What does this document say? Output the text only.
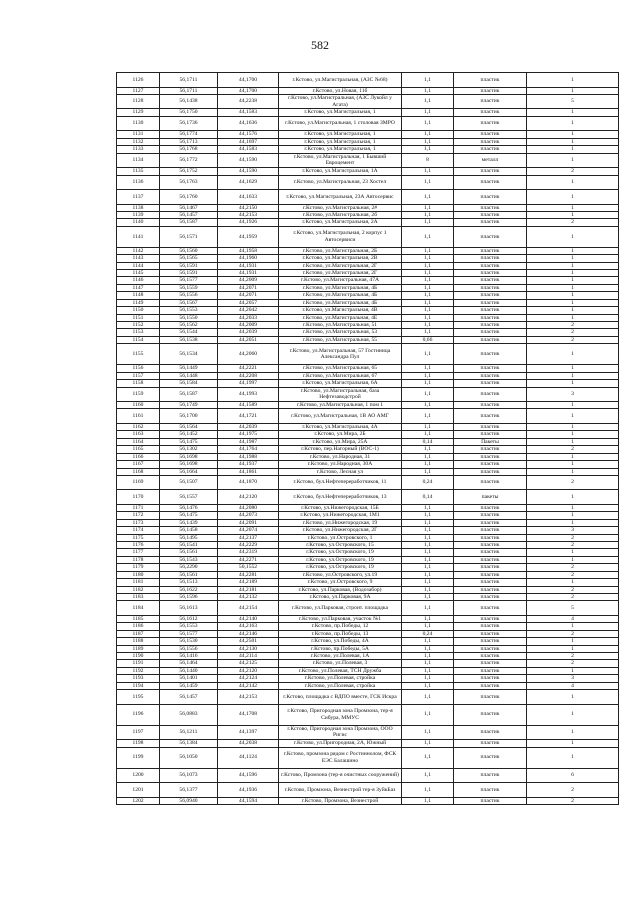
582
1126	56,1711	44,1700	г.Кстово, ул.Магистральная, (АЗС №68)	1,1	пластик	1
1127	56,1711	44,1700	г.Кстово, ул.Новая, 11б	1,1	пластик	1
1128	56,1438	44,2238	г.Кстово, ул.Магистральная, (АЗС Лукойл у Агата)	1,1	пластик	5
1129	56,1750	44,1583	г.Кстово, ул.Магистральная, 1	1,1	пластик	1
1130	56,1736	44,1636	г.Кстово, ул.Магистральная, 1 столовая ЗМРО	1,1	пластик	1
1131	56,1774	44,1576	г.Кстово, ул.Магистральная, 1	1,1	пластик	1
1132	56,1713	44,1697	г.Кстово, ул.Магистральная, 1	1,1	пластик	1
1133	56,1768	44,1583	г.Кстово, ул.Магистральная, 1	1,1	пластик	1
1134	56,1772	44,1590	г.Кстово, ул.Магистральная, 1 Бывший Евроцемент	8	металл	1
1135	56,1752	44,1590	г.Кстово, ул.Магистральная, 1А	1,1	пластик	2
1136	56,1763	44,1629	г.Кстово, ул.Магистральная, 23 Хостел	1,1	пластик	1
1137	56,1760	44,1633	г.Кстово, ул.Магистральная, 23А Автосервис	1,1	пластик	1
1138	56,1467	44,2150	г.Кстово, ул.Магистральная, 2#	1,1	пластик	1
1139	56,1457	44,2153	г.Кстово, ул.Магистральная, 2б	1,1	пластик	1
1140	56,1587	44,1926	г.Кстово, ул.Магистральная, 2А	1,1	пластик	2
1141	56,1571	44,1959	г.Кстово, ул.Магистральная, 2 корпус 1 Автосервиси	1,1	пластик	1
1142	56,1560	44,1958	г.Кстово, ул.Магистральная, 2Б	1,1	пластик	1
1143	56,1565	44,1960	г.Кстово, ул.Магистральная, 2В	1,1	пластик	1
1144	56,1591	44,1931	г.Кстово, ул.Магистральная, 2Г	1,1	пластик	1
1145	56,1591	44,1931	г.Кстово, ул.Магистральная, 2Г	1,1	пластик	1
1146	56,1577	44,2009	г.Кстово, ул.Магистральная, 47А	1,1	пластик	1
1147	56,1559	44,2071	г.Кстово, ул.Магистральная, 4Б	1,1	пластик	1
1148	56,1556	44,2071	г.Кстово, ул.Магистральная, 4Б	1,1	пластик	1
1149	56,1567	44,2057	г.Кстово, ул.Магистральная, 4Б	1,1	пластик	1
1150	56,1553	44,2042	г.Кстово, ул.Магистральная, 4В	1,1	пластик	1
1151	56,1550	44,2033	г.Кстово, ул.Магистральная, 4Е	1,1	пластик	1
1152	56,1562	44,2009	г.Кстово, ул.Магистральная, 51	1,1	пластик	2
1153	56,1544	44,2039	г.Кстово, ул.Магистральная, 53	1,1	пластик	2
1154	56,1538	44,2051	г.Кстово, ул.Магистральная, 55	0,66	пластик	2
1155	56,1534	44,2060	г.Кстово, ул.Магистральная, 57 Гостиница Александра Пул	1,1	пластик	1
1156	56,1449	44,2221	г.Кстово, ул.Магистральная, 65	1,1	пластик	1
1157	56,1448	44,2208	г.Кстово, ул.Магистральная, 67	1,1	пластик	1
1158	56,1584	44,1997	г.Кстово, ул.Магистральная, 6А	1,1	пластик	1
1159	56,1587	44,1993	г.Кстово, ул.Магистральная, база Нефтезаводстрой	1,1	пластик	3
1160	56,1749	44,1589	г.Кстово, ул.Магистральная, 1 пом 1	1,1	пластик	1
1161	56,1700	44,1721	г.Кстово, ул.Магистральная, 1В АО АМГ	1,1	пластик	1
1162	56,1564	44,2039	г.Кстово, ул.Магистральная, 4А	1,1	пластик	1
1163	56,1452	44,1975	г.Кстово, ул.Мира, 2Б	1,1	пластик	1
1164	56,1475	44,1987	г.Кстово, ул.Мира, 25А	0,14	Пакеты	1
1165	56,1302	44,1764	г.Кстово, пер.Нагорный (ВОС-1)	1,1	пластик	2
1166	56,1698	44,1988	г.Кстово, ул.Народная, 31	1,1	пластик	1
1167	56,1698	44,1937	г.Кстово, ул.Народная, 30А	1,1	пластик	1
1168	56,1664	44,1861	г.Кстово, Лесная ул	1,1	пластик	1
1169	56,1507	44,1870	г.Кстово, бул.Нефтепереработчиков, 11	0,24	пластик	2
1170	56,1557	44,2120	г.Кстово, бул.Нефтепереработчиков, 13	0,14	пакеты	1
1171	56,1476	44,2080	г.Кстово, ул.Нижегородская, 15Б	1,1	пластик	1
1172	56,1475	44,2073	г.Кстово, ул.Нижегородская, 1М1	1,1	пластик	1
1173	56,1439	44,2091	г.Кстово, ул.Нижегородская, 19	1,1	пластик	1
1174	56,1458	44,2074	г.Кстово, ул.Нижегородская, 2Г	1,1	пластик	3
1175	56,1495	44,2137	г.Кстово, ул.Островского, 1	1,1	пластик	2
1176	56,1541	44,2229	г.Кстово, ул.Островского, 15	1,1	пластик	2
1177	56,1561	44,2319	г.Кстово, ул.Островского, 19	1,1	пластик	1
1178	56,1543	44,2271	г.Кстово, ул.Островского, 19	1,1	пластик	1
1179	56,2290	50,1552	г.Кстово, ул.Островского, 19	1,1	пластик	2
1180	56,1561	44,2281	г.Кстово, ул.Островского, ул.19	1,1	пластик	2
1181	56,1513	44,2189	г.Кстово, ул.Островского, 9	1,1	пластик	1
1182	56,1622	44,2181	г.Кстово, ул.Парковая, (Водозабор)	1,1	пластик	2
1183	56,1596	44,2132	г.Кстово, ул.Парковая, 9А	1,1	пластик	2
1184	56,1613	44,2154	г.Кстово, ул.Парковая, строит. площадка	1,1	пластик	5
1185	56,1612	44,2140	г.Кстово, ул.Парковая, участок №1	1,1	пластик	4
1186	56,1553	44,2163	г.Кстово, пр.Победы, 12	1,1	пластик	1
1187	56,1577	44,2146	г.Кстово, пр.Победы, 13	0,24	пластик	2
1188	56,1530	44,2501	г.Кстово, ул.Победы, 4А	1,1	пластик	1
1189	56,1556	44,2130	г.Кстово, пр.Победы, 5А	1,1	пластик	1
1190	56,1416	44,2114	г.Кстово, ул.Полевая, 1А	1,1	пластик	2
1191	56,1464	44,2125	г.Кстово, ул.Полевая, 3	1,1	пластик	2
1192	56,1440	44,2120	г.Кстово, ул.Полевая, ТСН Дружба	1,1	пластик	1
1193	56,1401	44,2124	г.Кстово, ул.Полевая, стройка	1,1	пластик	3
1194	56,1459	44,2142	г.Кстово, ул.Полевая, стройка	1,1	пластик	4
1195	56,1457	44,2153	г.Кстово, площадка с ВДПО вместе, ГСК Искра	1,1	пластик	1
1196	56,0883	44,1708	г.Кстово, Пригородная зона Промзона, тер-я Сибура, ММУС	1,1	пластик	1
1197	56,1211	44,1397	г.Кстово, Пригородная зона Промзона, ООО Ригис	1,1	пластик	1
1198	56,1384	44,2038	г.Кстово, ул.Пригородная, 2А, Южный	1,1	пластик	1
1199	56,1050	44,1124	г.Кстово, промзона рядом с Ростиннолом, ФСК ЕЭС Балашино	1,1	пластик	1
1200	56,1073	44,1596	г.Кстово, Промзона (тер-я очистных сооружений)	1,1	пластик	6
1201	56,1377	44,1936	г.Кстово, Промзона, Везнестрой тер-я ЗуйкБаз	1,1	пластик	2
1202	56,0940	44,1594	г.Кстово, Промзона, Везнестрой	1,1	пластик	2
